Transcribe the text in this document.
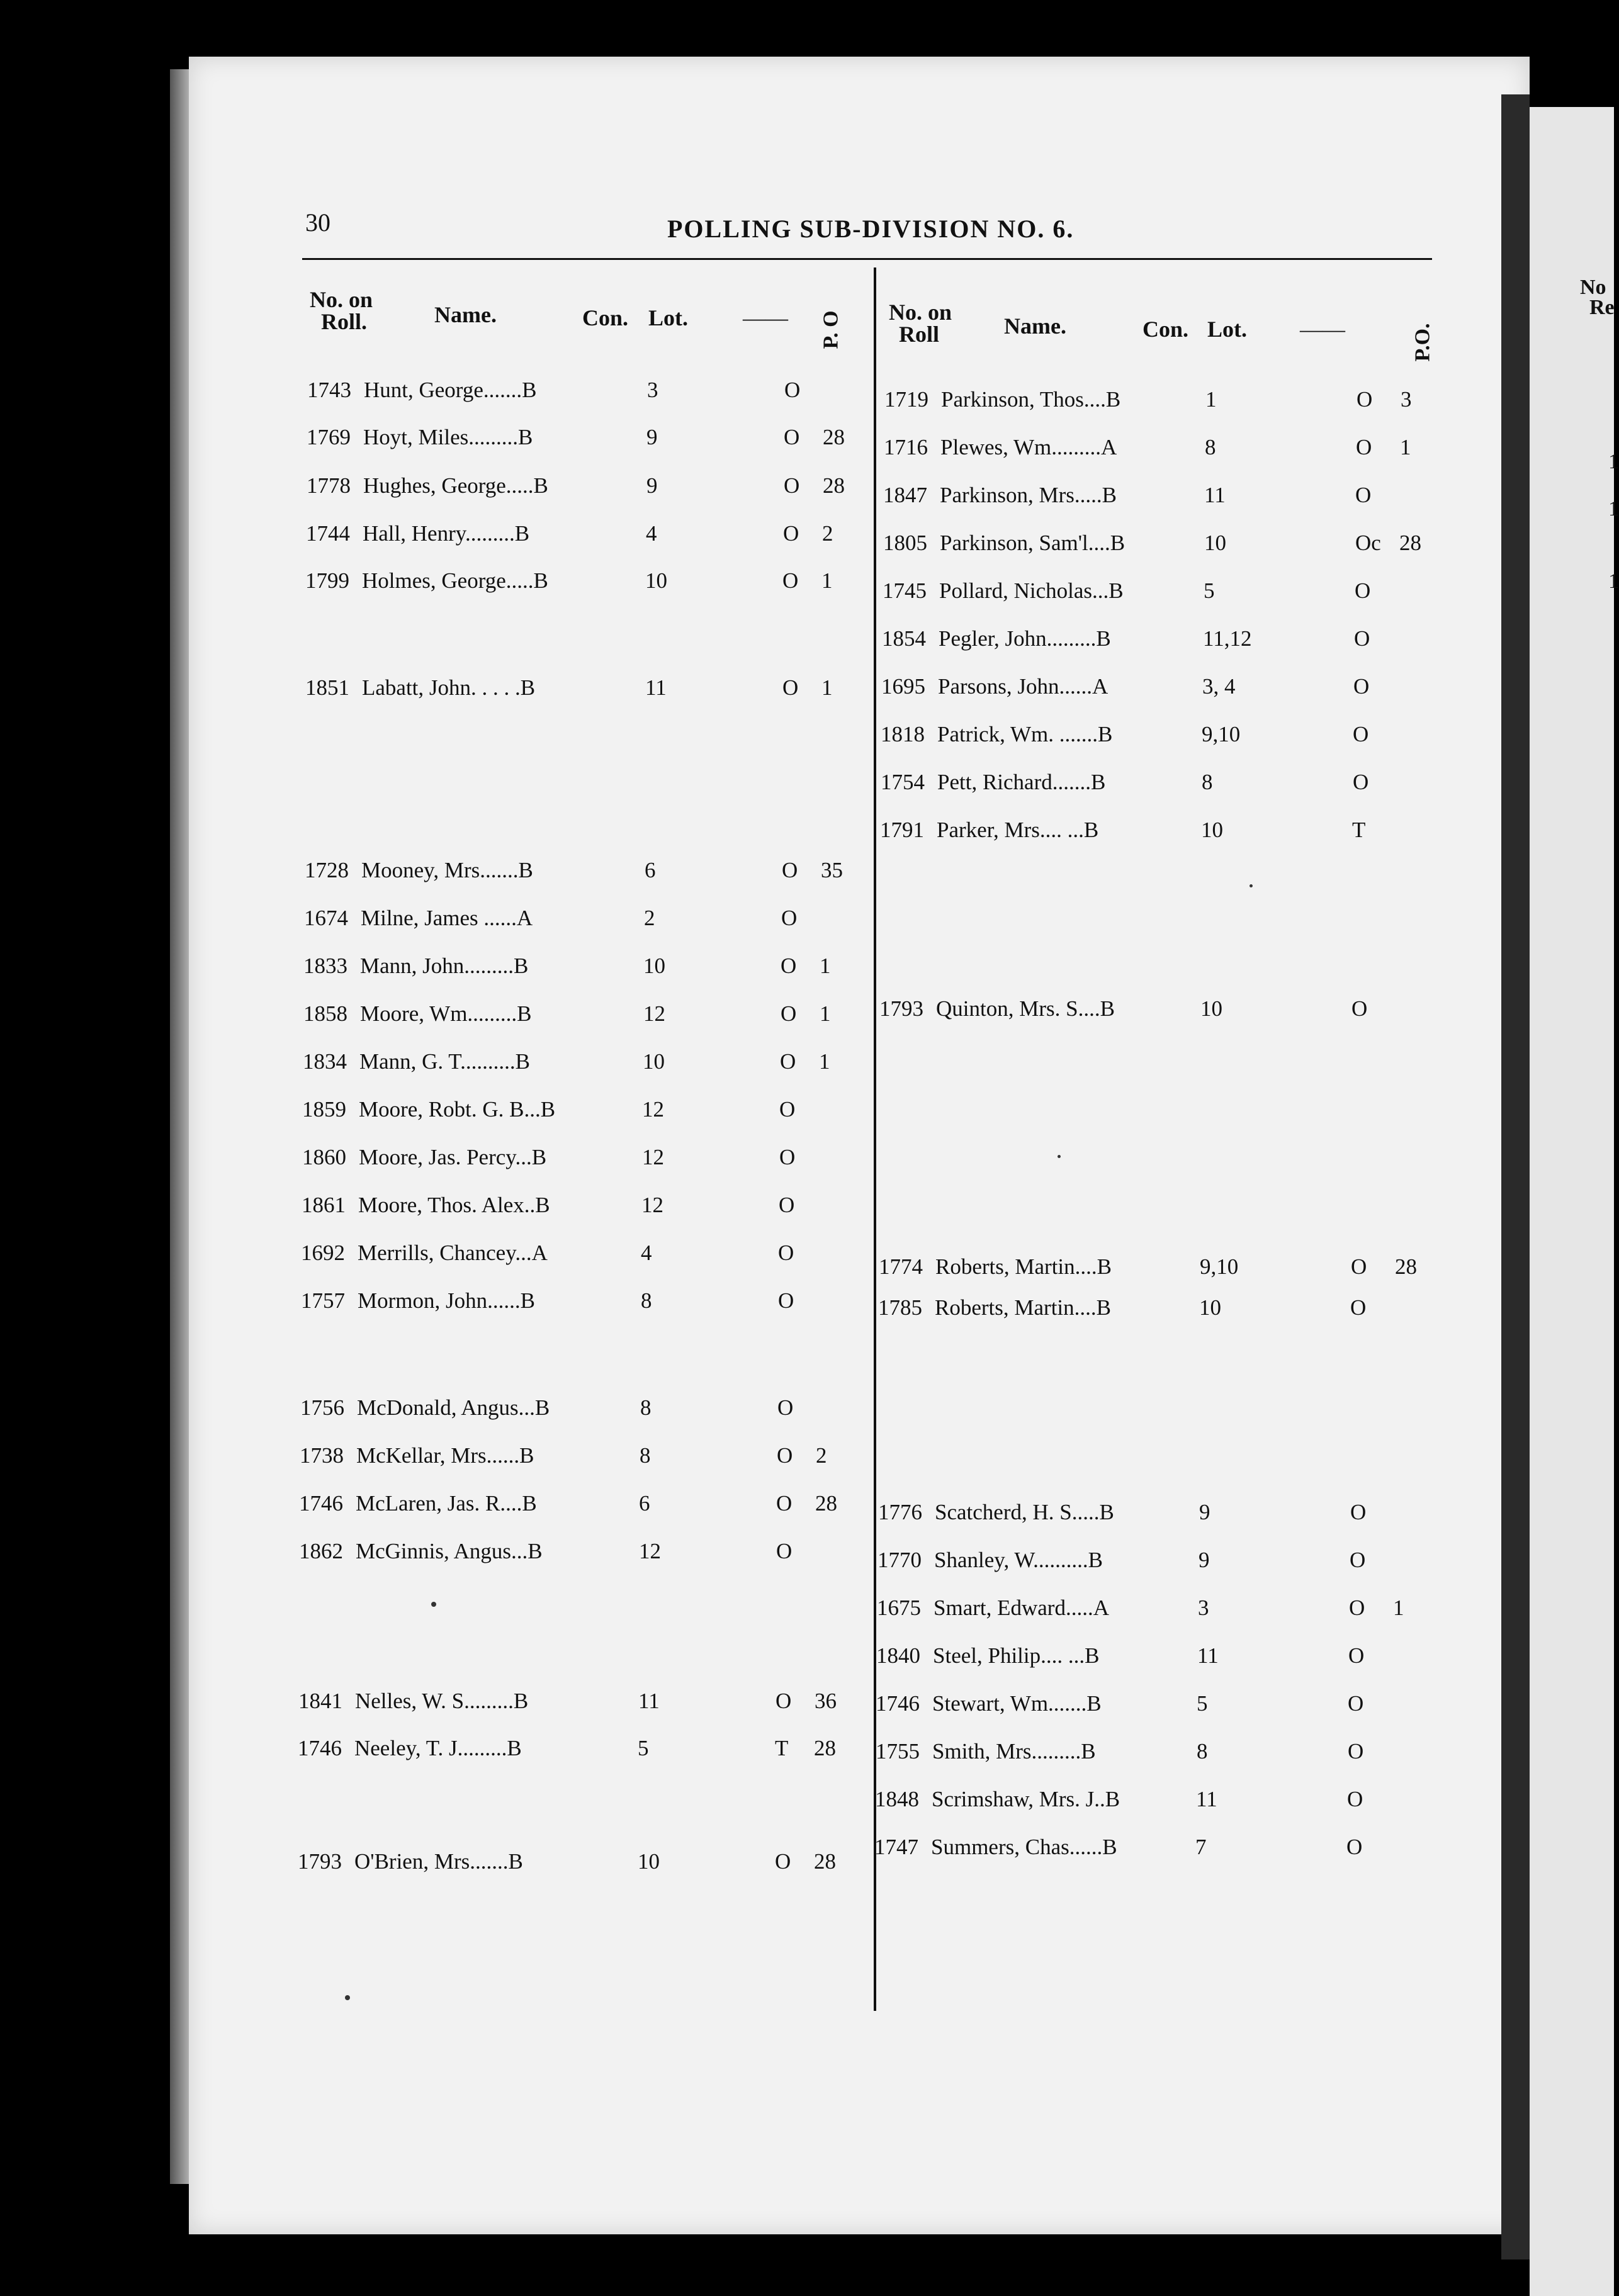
No
Re
1
1
1
30	POLLING SUB-DIVISION NO. 6.
No. on
Roll.	Name.	Con. Lot. —— P. O No. on
Roll	Name.	Con. Lot. ——	P.O.
1743 Hunt, George.......B	3	O
1769 Hoyt, Miles.........B	9	O 28
1778 Hughes, George.....B	9	O 28
1744 Hall, Henry.........B	4	O 2
1799 Holmes, George.....B	10	O 1
1851 Labatt, John. . . . .B	11	O 1
1728 Mooney, Mrs.......B	6	O 35
1674 Milne, James ......A	2	O
1833 Mann, John.........B	10	O 1
1858 Moore, Wm.........B	12	O 1
1834 Mann, G. T..........B	10	O 1
1859 Moore, Robt. G. B...B	12	O
1860 Moore, Jas. Percy...B	12	O
1861 Moore, Thos. Alex..B	12	O
1692 Merrills, Chancey...A	4	O
1757 Mormon, John......B	8	O
1756 McDonald, Angus...B	8	O
1738 McKellar, Mrs......B	8	O 2
1746 McLaren, Jas. R....B	6	O 28
1862 McGinnis, Angus...B	12	O
1841 Nelles, W. S.........B	11	O 36
1746 Neeley, T. J.........B	5	T 28
1793 O'Brien, Mrs.......B	10	O 28
1719 Parkinson, Thos....B	1	O 3
1716 Plewes, Wm.........A	8	O 1
1847 Parkinson, Mrs.....B	11	O
1805 Parkinson, Sam'l....B	10	Oc 28
1745 Pollard, Nicholas...B	5	O
1854 Pegler, John.........B	11,12	O
1695 Parsons, John......A	3, 4	O
1818 Patrick, Wm. .......B	9,10	O
1754 Pett, Richard.......B	8	O
1791 Parker, Mrs.... ...B	10	T
1793 Quinton, Mrs. S....B	10	O
1774 Roberts, Martin....B	9,10	O 28
1785 Roberts, Martin....B	10	O
1776 Scatcherd, H. S.....B	9	O
1770 Shanley, W..........B	9	O
1675 Smart, Edward.....A	3	O 1
1840 Steel, Philip.... ...B	11	O
1746 Stewart, Wm.......B	5	O
1755 Smith, Mrs.........B	8	O
1848 Scrimshaw, Mrs. J..B	11	O
1747 Summers, Chas......B	7	O
